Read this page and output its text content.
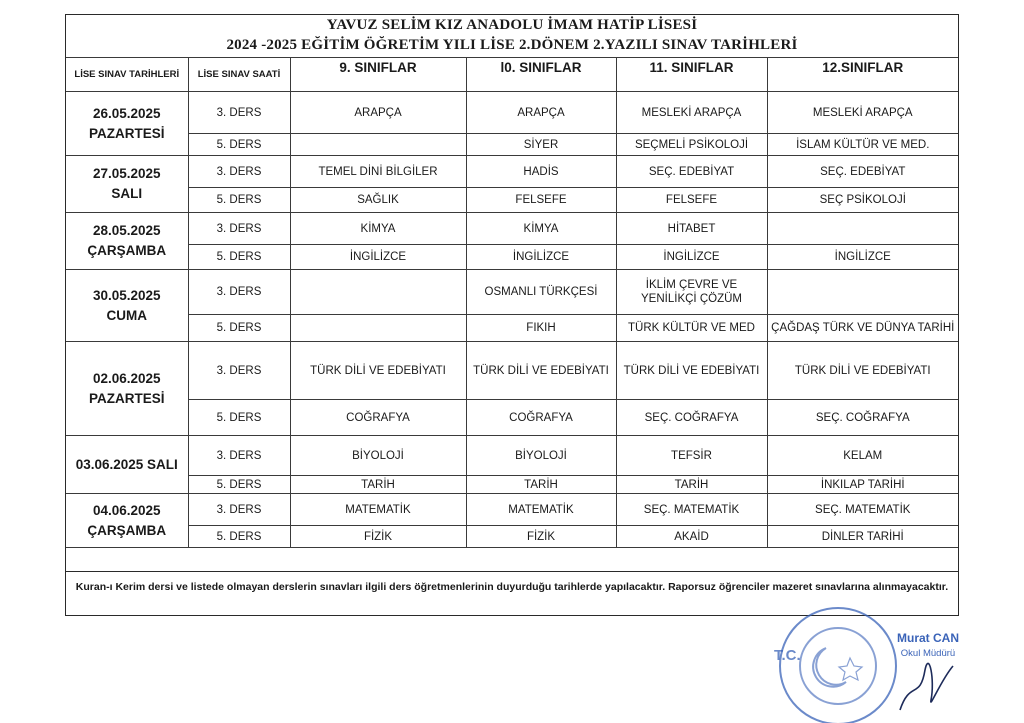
YAVUZ SELİM KIZ ANADOLU İMAM HATİP LİSESİ
2024 -2025 EĞİTİM ÖĞRETİM YILI LİSE 2.DÖNEM 2.YAZILI SINAV TARİHLERİ
LİSE SINAV TARİHLERİ	LİSE SINAV SAATİ	9. SINIFLAR	l0. SINIFLAR	11. SINIFLAR	12.SINIFLAR

26.05.2025
PAZARTESİ	3. DERS	ARAPÇA	ARAPÇA	MESLEKİ ARAPÇA	MESLEKİ ARAPÇA
	5. DERS		SİYER	SEÇMELİ PSİKOLOJİ	İSLAM KÜLTÜR VE MED.

27.05.2025
SALI	3. DERS	TEMEL DİNİ BİLGİLER	HADİS	SEÇ. EDEBİYAT	SEÇ. EDEBİYAT
	5. DERS	SAĞLIK	FELSEFE	FELSEFE	SEÇ PSİKOLOJİ

28.05.2025
ÇARŞAMBA	3. DERS	KİMYA	KİMYA	HİTABET	
	5. DERS	İNGİLİZCE	İNGİLİZCE	İNGİLİZCE	İNGİLİZCE

30.05.2025
CUMA	3. DERS		OSMANLI TÜRKÇESİ	İKLİM ÇEVRE VE YENİLİKÇİ ÇÖZÜM	
	5. DERS		FIKIH	TÜRK KÜLTÜR VE MED	ÇAĞDAŞ TÜRK VE DÜNYA TARİHİ

02.06.2025
PAZARTESİ	3. DERS	TÜRK DİLİ VE EDEBİYATI	TÜRK DİLİ VE EDEBİYATI	TÜRK DİLİ VE EDEBİYATI	TÜRK DİLİ VE EDEBİYATI
	5. DERS	COĞRAFYA	COĞRAFYA	SEÇ. COĞRAFYA	SEÇ. COĞRAFYA

03.06.2025 SALI	3. DERS	BİYOLOJİ	BİYOLOJİ	TEFSİR	KELAM
	5. DERS	TARİH	TARİH	TARİH	İNKILAP TARİHİ

04.06.2025
ÇARŞAMBA	3. DERS	MATEMATİK	MATEMATİK	SEÇ. MATEMATİK	SEÇ. MATEMATİK
	5. DERS	FİZİK	FİZİK	AKAİD	DİNLER TARİHİ
Kuran-ı Kerim dersi ve listede olmayan derslerin sınavları ilgili ders öğretmenlerinin duyurduğu tarihlerde yapılacaktır. Raporsuz öğrenciler mazeret sınavlarına alınmayacaktır.
T.C.
Murat CAN
Okul Müdürü
